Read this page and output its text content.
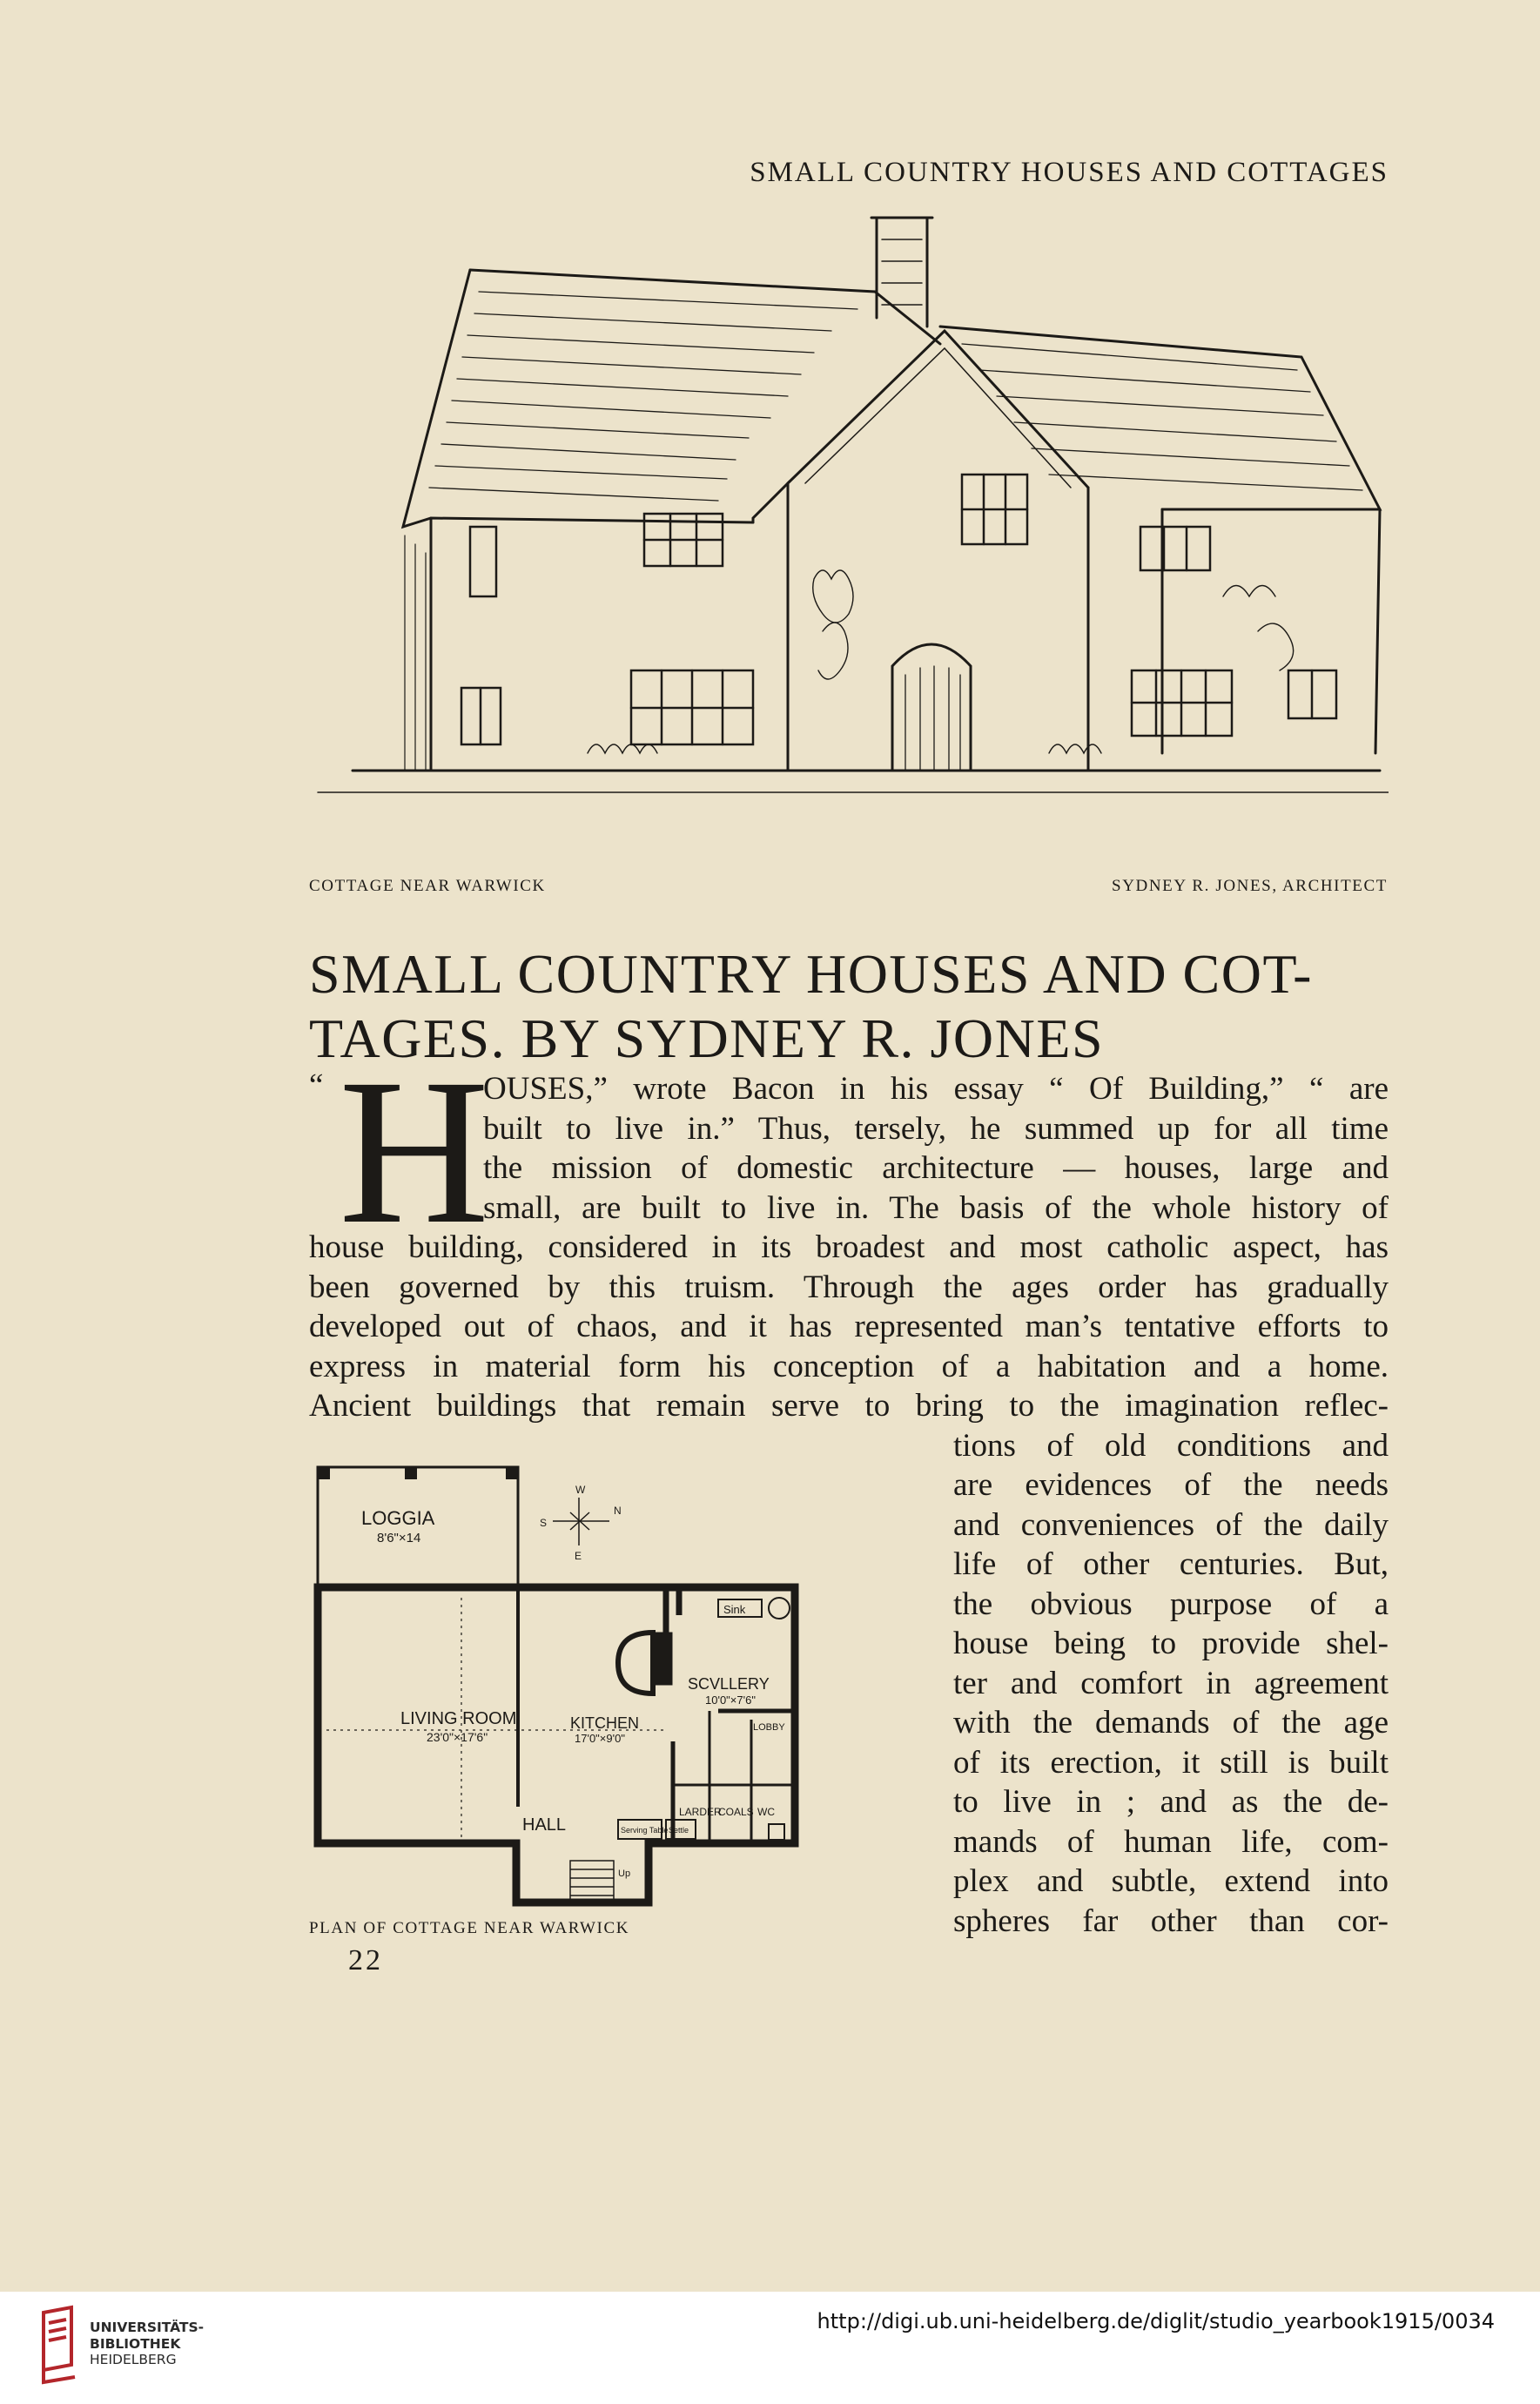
SMALL COUNTRY HOUSES AND COTTAGES
COTTAGE NEAR WARWICK	SYDNEY R. JONES, ARCHITECT
SMALL COUNTRY HOUSES AND COT-
TAGES. BY SYDNEY R. JONES
“ H
OUSES,” wrote Bacon in his essay “ Of Building,” “ are
built to live in.” Thus, tersely, he summed up for all time
the mission of domestic architecture — houses, large and
small, are built to live in. The basis of the whole history of
house building, considered in its broadest and most catholic aspect, has
been governed by this truism. Through the ages order has gradually
developed out of chaos, and it has represented man’s tentative efforts to
express in material form his conception of a habitation and a home.
Ancient buildings that remain serve to bring to the imagination reflec-
tions of old conditions and
are evidences of the needs
and conveniences of the daily
life of other centuries. But,
the obvious purpose of a
house being to provide shel-
ter and comfort in agreement
with the demands of the age
of its erection, it still is built
to live in ; and as the de-
mands of human life, com-
plex and subtle, extend into
spheres far other than cor-
LOGGIA
8'6"×14
W
N
E
S
Sink
LIVING ROOM
23'0"×17'6"
SCVLLERY
10'0"×7'6"
KITCHEN
17'0"×9'0"
LOBBY
LARDER
COALS WC
HALL	Serving Table Settle
Up
PLAN OF COTTAGE NEAR WARWICK
22
UNIVERSITÄTS-
BIBLIOTHEK
HEIDELBERG
http://digi.ub.uni-heidelberg.de/diglit/studio_yearbook1915/0034
